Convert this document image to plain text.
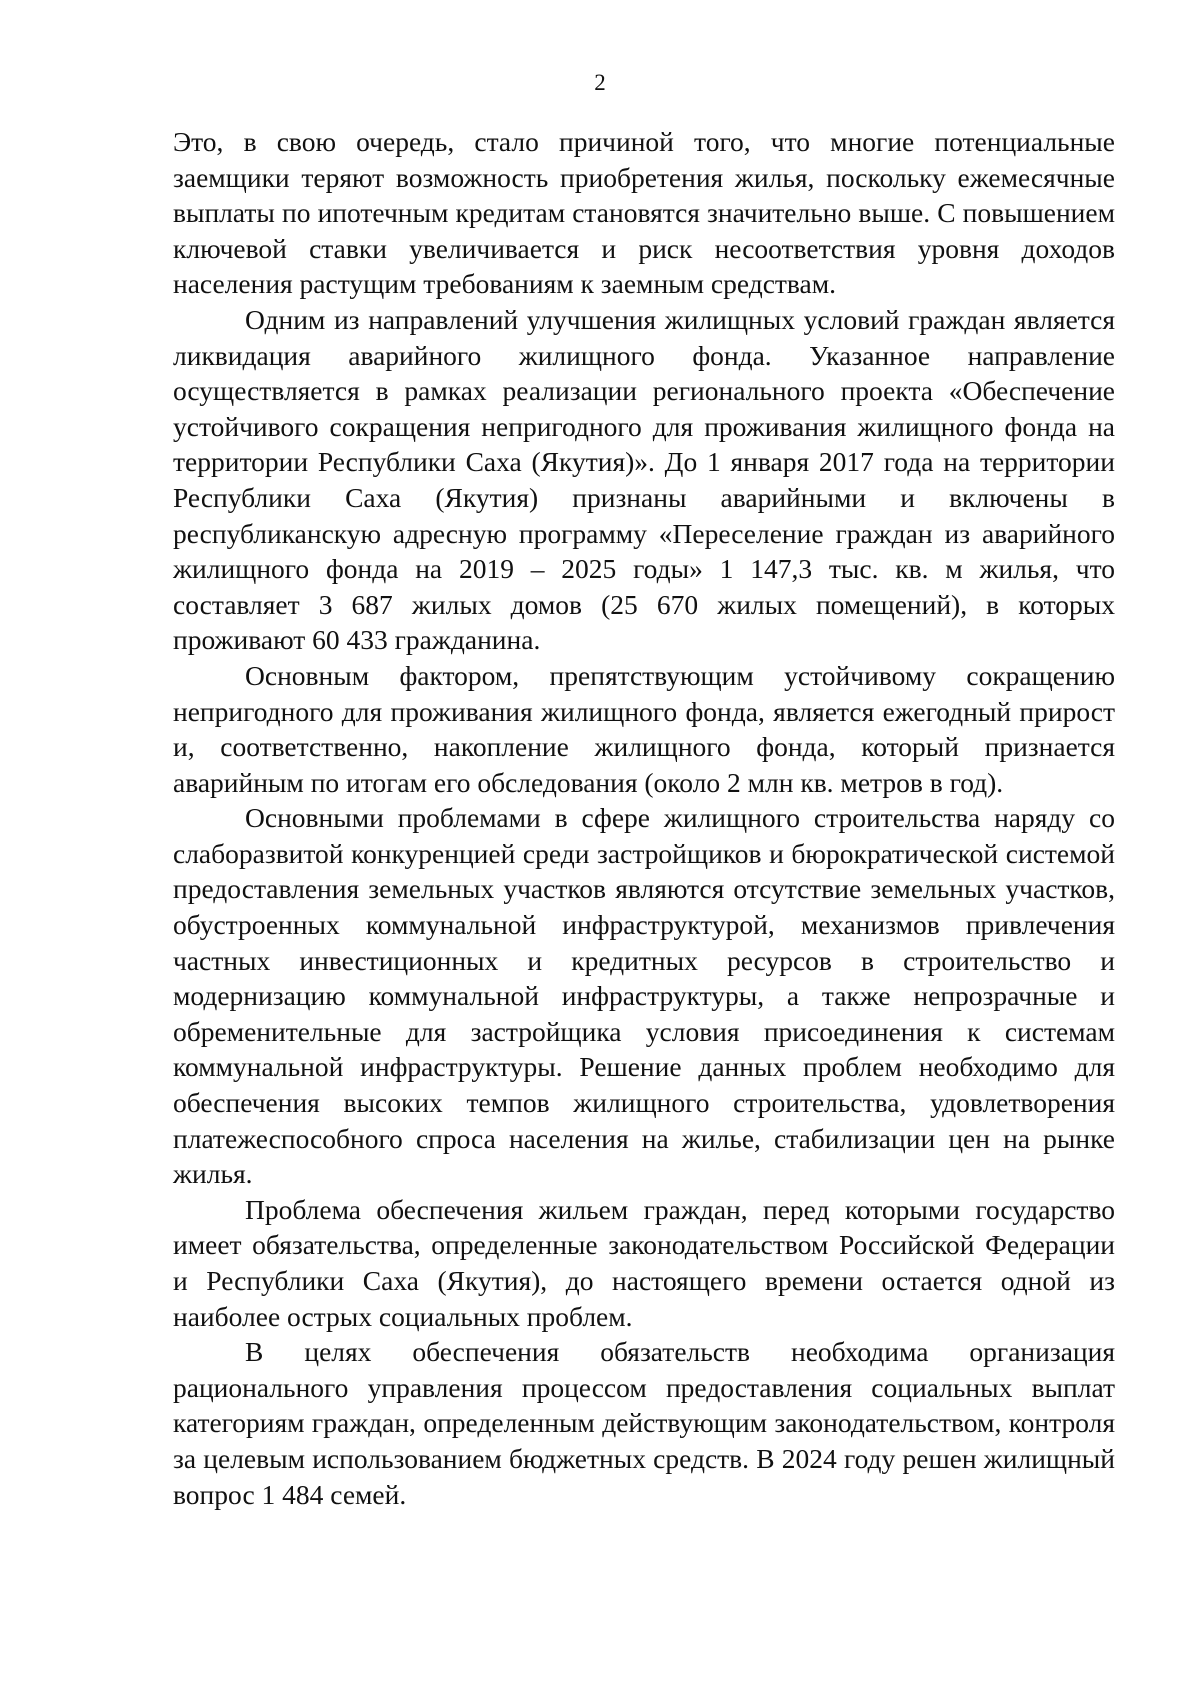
2

Это, в свою очередь, стало причиной того, что многие потенциальные заемщики теряют возможность приобретения жилья, поскольку ежемесячные выплаты по ипотечным кредитам становятся значительно выше. С повышением ключевой ставки увеличивается и риск несоответствия уровня доходов населения растущим требованиям к заемным средствам.

Одним из направлений улучшения жилищных условий граждан является ликвидация аварийного жилищного фонда. Указанное направление осуществляется в рамках реализации регионального проекта «Обеспечение устойчивого сокращения непригодного для проживания жилищного фонда на территории Республики Саха (Якутия)». До 1 января 2017 года на территории Республики Саха (Якутия) признаны аварийными и включены в республиканскую адресную программу «Переселение граждан из аварийного жилищного фонда на 2019 – 2025 годы» 1 147,3 тыс. кв. м жилья, что составляет 3 687 жилых домов (25 670 жилых помещений), в которых проживают 60 433 гражданина.

Основным фактором, препятствующим устойчивому сокращению непригодного для проживания жилищного фонда, является ежегодный прирост и, соответственно, накопление жилищного фонда, который признается аварийным по итогам его обследования (около 2 млн кв. метров в год).

Основными проблемами в сфере жилищного строительства наряду со слаборазвитой конкуренцией среди застройщиков и бюрократической системой предоставления земельных участков являются отсутствие земельных участков, обустроенных коммунальной инфраструктурой, механизмов привлечения частных инвестиционных и кредитных ресурсов в строительство и модернизацию коммунальной инфраструктуры, а также непрозрачные и обременительные для застройщика условия присоединения к системам коммунальной инфраструктуры. Решение данных проблем необходимо для обеспечения высоких темпов жилищного строительства, удовлетворения платежеспособного спроса населения на жилье, стабилизации цен на рынке жилья.

Проблема обеспечения жильем граждан, перед которыми государство имеет обязательства, определенные законодательством Российской Федерации и Республики Саха (Якутия), до настоящего времени остается одной из наиболее острых социальных проблем.

В целях обеспечения обязательств необходима организация рационального управления процессом предоставления социальных выплат категориям граждан, определенным действующим законодательством, контроля за целевым использованием бюджетных средств. В 2024 году решен жилищный вопрос 1 484 семей.
